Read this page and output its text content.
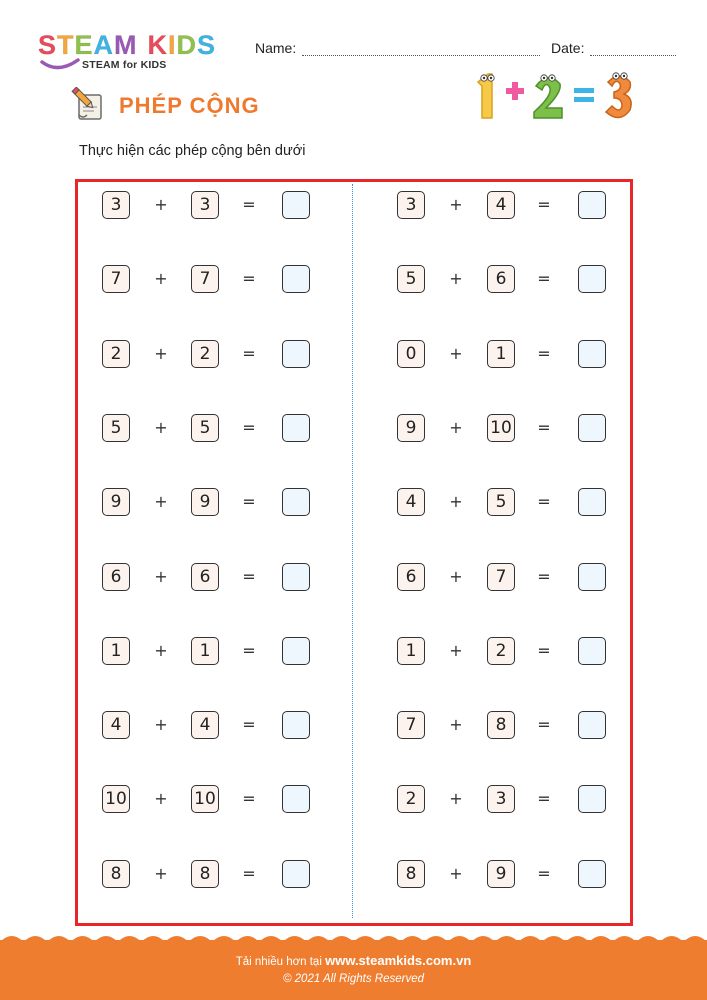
S T E A M K I D S
STEAM for KIDS
Name:	Date:
PHÉP CỘNG
Thực hiện các phép cộng bên dưới
3	+	3	=
7	+	7	=
2	+	2	=
5	+	5	=
9	+	9	=
6	+	6	=
1	+	1	=
4	+	4	=
10 + 10 =
8	+	8	=
3	+	4	=
5	+	6	=
0	+	1	=
9	+ 10 =
4	+	5	=
6	+	7	=
1	+	2	=
7	+	8	=
2	+	3	=
8	+	9	=
Tải nhiều hơn tại www.steamkids.com.vn
© 2021 All Rights Reserved
